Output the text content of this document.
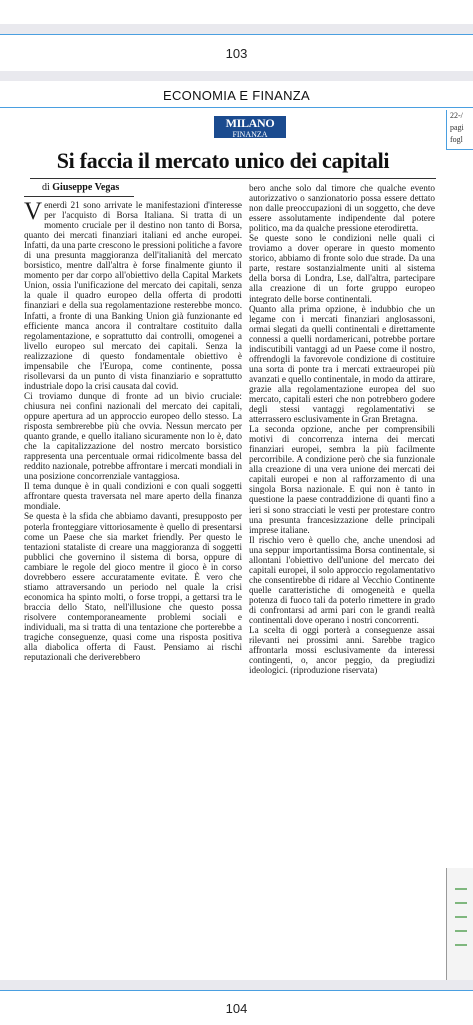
103
ECONOMIA E FINANZA
MILANO
FINANZA
22-/
pagi
fogl
Si faccia il mercato unico dei capitali
di Giuseppe Vegas

Venerdì 21 sono arrivate le manifestazioni d'interesse per l'acquisto di Borsa Italiana. Si tratta di un momento cruciale per il destino non tanto di Borsa, quanto dei mercati finanziari italiani ed anche europei. Infatti, da una parte crescono le pressioni politiche a favore di una presunta maggioranza dell'italianità del mercato borsistico, mentre dall'altra è forse finalmente giunto il momento per dar corpo all'obiettivo della Capital Markets Union, ossia l'unificazione del mercato dei capitali, senza la quale il quadro europeo della offerta di prodotti finanziari e della sua regolamentazione resterebbe monco. Infatti, a fronte di una Banking Union già funzionante ed efficiente manca ancora il contraltare costituito dalla regolamentazione, e soprattutto dai controlli, omogenei a livello europeo sul mercato dei capitali. Senza la realizzazione di questo fondamentale obiettivo è impensabile che l'Europa, come continente, possa risollevarsi da un punto di vista finanziario e soprattutto industriale dopo la crisi causata dal covid.

Ci troviamo dunque di fronte ad un bivio cruciale: chiusura nei confini nazionali del mercato dei capitali, oppure apertura ad un approccio europeo dello stesso. La risposta sembrerebbe più che ovvia. Nessun mercato per quanto grande, e quello italiano sicuramente non lo è, dato che la capitalizzazione del nostro mercato borsistico rappresenta una percentuale ormai ridicolmente bassa del reddito nazionale, potrebbe affrontare i mercati mondiali in una posizione concorrenziale vantaggiosa.

Il tema dunque è in quali condizioni e con quali soggetti affrontare questa traversata nel mare aperto della finanza mondiale.

Se questa è la sfida che abbiamo davanti, presupposto per poterla fronteggiare vittoriosamente è quello di presentarsi come un Paese che sia market friendly. Per questo le tentazioni stataliste di creare una maggioranza di soggetti pubblici che governino il sistema di borsa, oppure di cambiare le regole del gioco mentre il gioco è in corso dovrebbero essere accuratamente evitate. È vero che stiamo attraversando un periodo nel quale la crisi economica ha spinto molti, o forse troppi, a gettarsi tra le braccia dello Stato, nell'illusione che questo possa risolvere contemporaneamente problemi sociali e individuali, ma si tratta di una tentazione che porterebbe a tragiche conseguenze, quasi come una risposta positiva alla diabolica offerta di Faust. Pensiamo ai rischi reputazionali che deriverebbero

bero anche solo dal timore che qualche evento autorizzativo o sanzionatorio possa essere dettato non dalle preoccupazioni di un soggetto, che deve essere assolutamente indipendente dal potere politico, ma da qualche pressione eterodiretta.

Se queste sono le condizioni nelle quali ci troviamo a dover operare in questo momento storico, abbiamo di fronte solo due strade. Da una parte, restare sostanzialmente uniti al sistema della borsa di Londra, Lse, dall'altra, partecipare alla creazione di un forte gruppo europeo integrato delle borse continentali.

Quanto alla prima opzione, è indubbio che un legame con i mercati finanziari anglosassoni, ormai slegati da quelli continentali e direttamente connessi a quelli nordamericani, potrebbe portare indiscutibili vantaggi ad un Paese come il nostro, offrendogli la favorevole condizione di costituire una sorta di ponte tra i mercati extraeuropei più avanzati e quello continentale, in modo da attirare, grazie alla regolamentazione europea del suo mercato, capitali esteri che non potrebbero godere degli stessi vantaggi regolamentativi se atterrassero esclusivamente in Gran Bretagna.

La seconda opzione, anche per comprensibili motivi di concorrenza interna dei mercati finanziari europei, sembra la più facilmente percorribile. A condizione però che sia funzionale alla creazione di una vera unione dei mercati dei capitali europei e non al rafforzamento di una singola Borsa nazionale. E qui non è tanto in questione la paese contraddizione di quanti fino a ieri si sono stracciati le vesti per protestare contro una presunta francesizzazione delle principali imprese italiane.

Il rischio vero è quello che, anche unendosi ad una seppur importantissima Borsa continentale, si allontani l'obiettivo dell'unione del mercato dei capitali europei, il solo approccio regolamentativo che consentirebbe di ridare al Vecchio Continente quelle caratteristiche di omogeneità e quella potenza di fuoco tali da poterlo rimettere in grado di confrontarsi ad armi pari con le grandi realtà continentali dove operano i nostri concorrenti.

La scelta di oggi porterà a conseguenze assai rilevanti nei prossimi anni. Sarebbe tragico affrontarla mossi esclusivamente da interessi contingenti, o, ancor peggio, da pregiudizi ideologici. (riproduzione riservata)

104
